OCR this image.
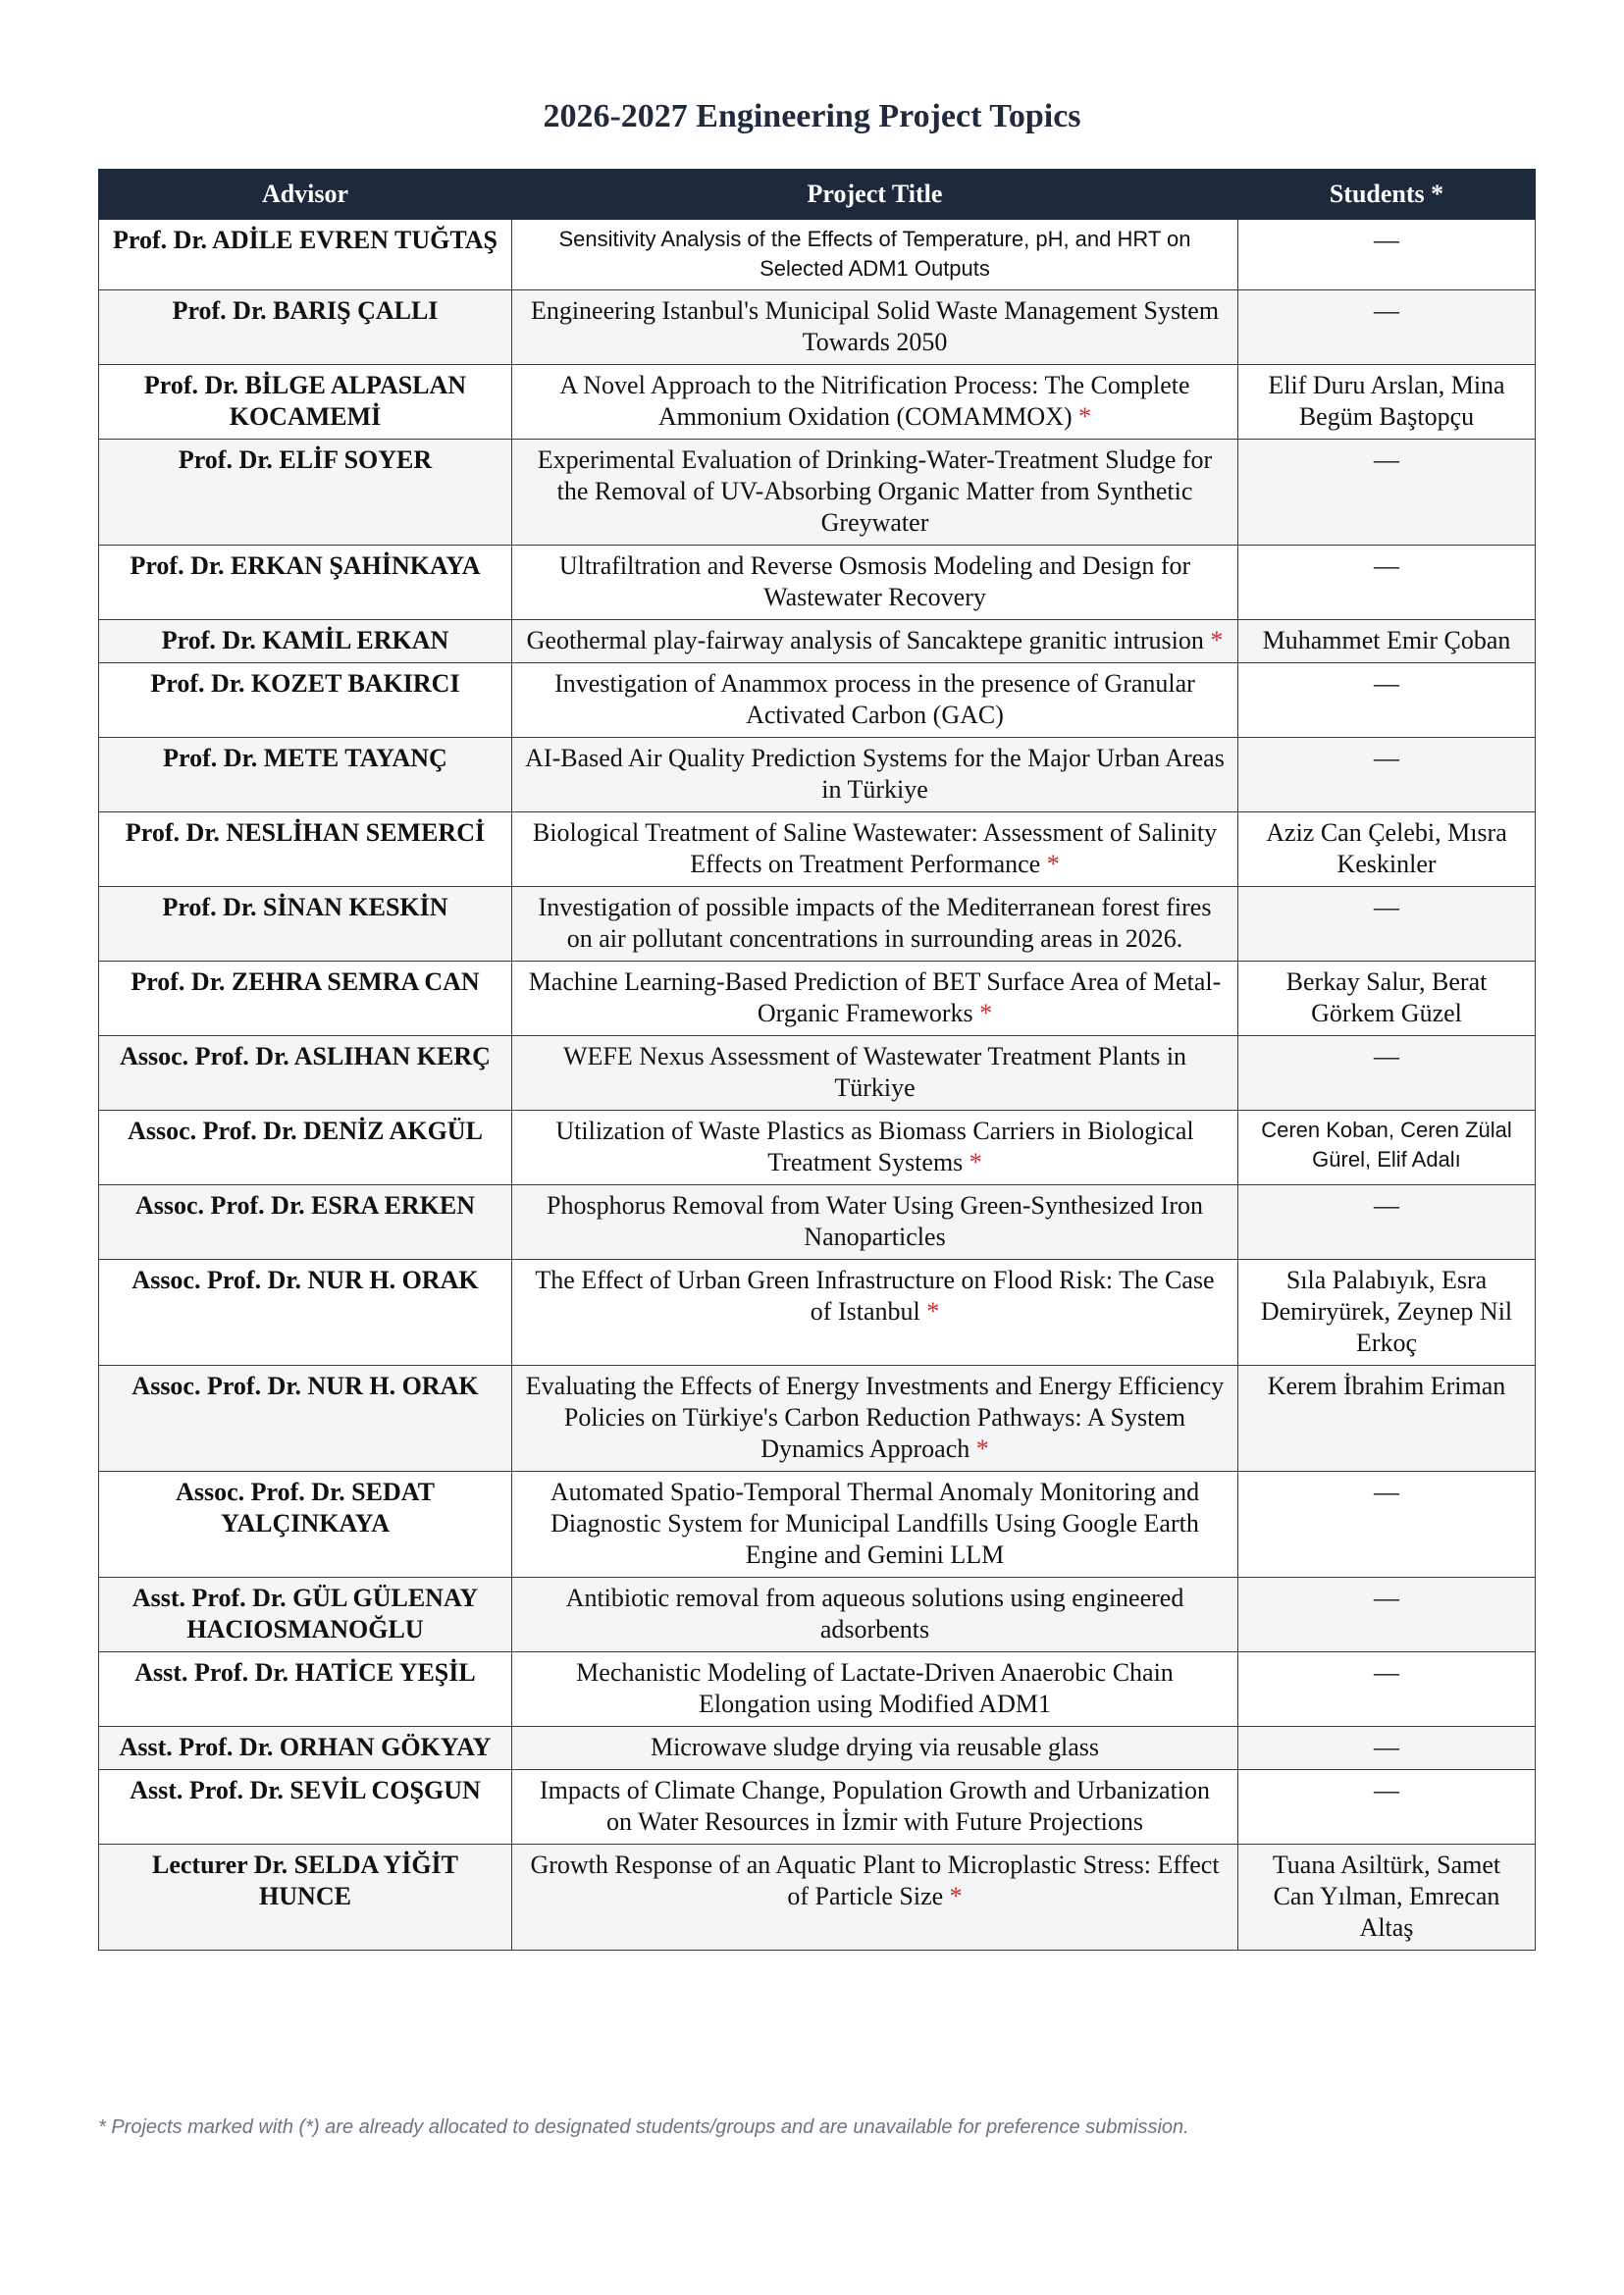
2026-2027 Engineering Project Topics
Advisor	Project Title	Students *
Prof. Dr. ADİLE EVREN TUĞTAŞ	Sensitivity Analysis of the Effects of Temperature, pH, and HRT on Selected ADM1 Outputs	—
Prof. Dr. BARIŞ ÇALLI	Engineering Istanbul's Municipal Solid Waste Management System Towards 2050	—
Prof. Dr. BİLGE ALPASLAN KOCAMEMİ	A Novel Approach to the Nitrification Process: The Complete Ammonium Oxidation (COMAMMOX) *	Elif Duru Arslan, Mina Begüm Baştopçu
Prof. Dr. ELİF SOYER	Experimental Evaluation of Drinking-Water-Treatment Sludge for the Removal of UV-Absorbing Organic Matter from Synthetic Greywater	—
Prof. Dr. ERKAN ŞAHİNKAYA	Ultrafiltration and Reverse Osmosis Modeling and Design for Wastewater Recovery	—
Prof. Dr. KAMİL ERKAN	Geothermal play-fairway analysis of Sancaktepe granitic intrusion *	Muhammet Emir Çoban
Prof. Dr. KOZET BAKIRCI	Investigation of Anammox process in the presence of Granular Activated Carbon (GAC)	—
Prof. Dr. METE TAYANÇ	AI-Based Air Quality Prediction Systems for the Major Urban Areas in Türkiye	—
Prof. Dr. NESLİHAN SEMERCİ	Biological Treatment of Saline Wastewater: Assessment of Salinity Effects on Treatment Performance *	Aziz Can Çelebi, Mısra Keskinler
Prof. Dr. SİNAN KESKİN	Investigation of possible impacts of the Mediterranean forest fires on air pollutant concentrations in surrounding areas in 2026.	—
Prof. Dr. ZEHRA SEMRA CAN	Machine Learning-Based Prediction of BET Surface Area of Metal-Organic Frameworks *	Berkay Salur, Berat Görkem Güzel
Assoc. Prof. Dr. ASLIHAN KERÇ	WEFE Nexus Assessment of Wastewater Treatment Plants in Türkiye	—
Assoc. Prof. Dr. DENİZ AKGÜL	Utilization of Waste Plastics as Biomass Carriers in Biological Treatment Systems *	Ceren Koban, Ceren Zülal Gürel, Elif Adalı
Assoc. Prof. Dr. ESRA ERKEN	Phosphorus Removal from Water Using Green-Synthesized Iron Nanoparticles	—
Assoc. Prof. Dr. NUR H. ORAK	The Effect of Urban Green Infrastructure on Flood Risk: The Case of Istanbul *	Sıla Palabıyık, Esra Demiryürek, Zeynep Nil Erkoç
Assoc. Prof. Dr. NUR H. ORAK	Evaluating the Effects of Energy Investments and Energy Efficiency Policies on Türkiye's Carbon Reduction Pathways: A System Dynamics Approach *	Kerem İbrahim Eriman
Assoc. Prof. Dr. SEDAT YALÇINKAYA	Automated Spatio-Temporal Thermal Anomaly Monitoring and Diagnostic System for Municipal Landfills Using Google Earth Engine and Gemini LLM	—
Asst. Prof. Dr. GÜL GÜLENAY HACIOSMANOĞLU	Antibiotic removal from aqueous solutions using engineered adsorbents	—
Asst. Prof. Dr. HATİCE YEŞİL	Mechanistic Modeling of Lactate-Driven Anaerobic Chain Elongation using Modified ADM1	—
Asst. Prof. Dr. ORHAN GÖKYAY	Microwave sludge drying via reusable glass	—
Asst. Prof. Dr. SEVİL COŞGUN	Impacts of Climate Change, Population Growth and Urbanization on Water Resources in İzmir with Future Projections	—
Lecturer Dr. SELDA YİĞİT HUNCE	Growth Response of an Aquatic Plant to Microplastic Stress: Effect of Particle Size *	Tuana Asiltürk, Samet Can Yılman, Emrecan Altaş
* Projects marked with (*) are already allocated to designated students/groups and are unavailable for preference submission.
